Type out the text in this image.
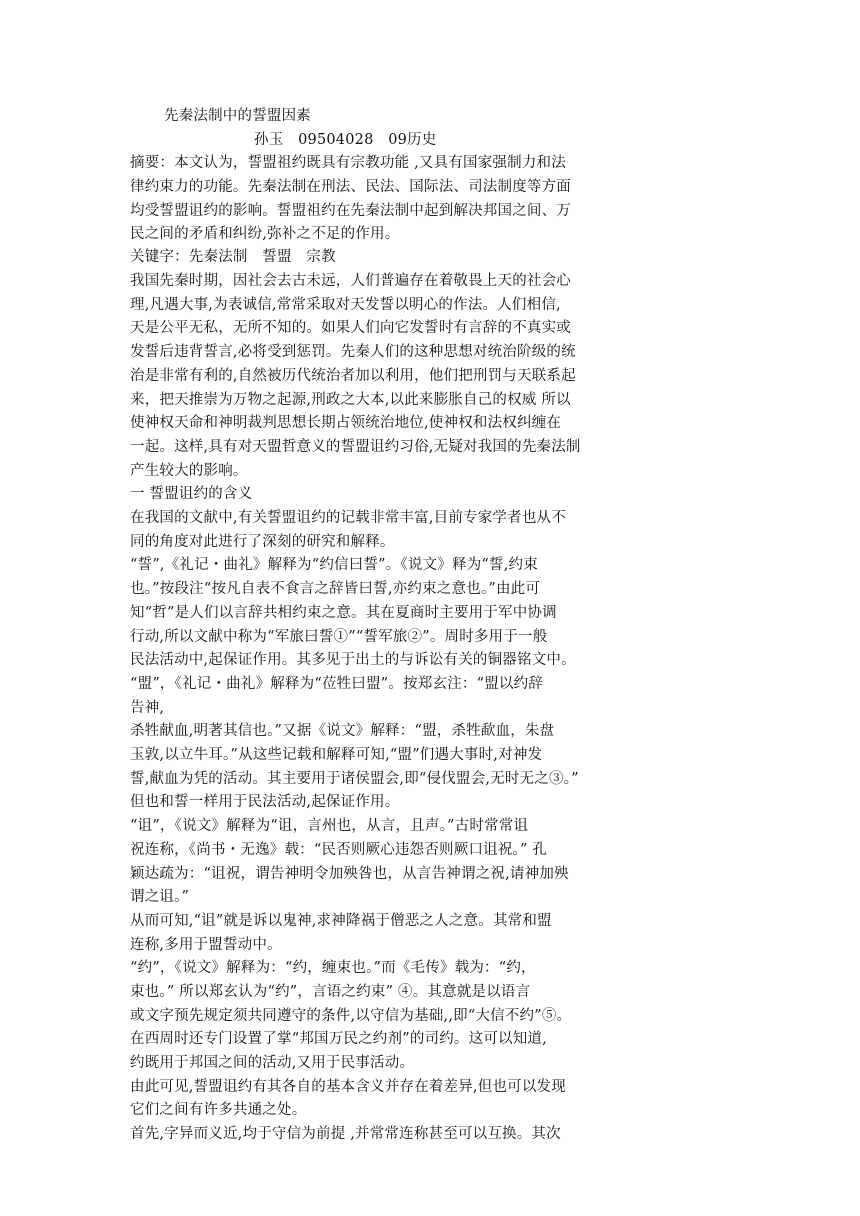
先秦法制中的誓盟因素
孙玉　09504028　09历史
摘要：本文认为，誓盟祖约既具有宗教功能 ,又具有国家强制力和法
律约束力的功能。先秦法制在刑法、民法、国际法、司法制度等方面
均受誓盟诅约的影响。誓盟祖约在先秦法制中起到解决邦国之间、万
民之间的矛盾和纠纷,弥补之不足的作用。
关键字：先秦法制　誓盟　宗教
我国先秦时期，因社会去古未远，人们普遍存在着敬畏上天的社会心
理,凡遇大事,为表诚信,常常采取对天发誓以明心的作法。人们相信,
天是公平无私，无所不知的。如果人们向它发誓时有言辞的不真实或
发誓后违背誓言,必将受到惩罚。先秦人们的这种思想对统治阶级的统
治是非常有利的,自然被历代统治者加以利用，他们把刑罚与天联系起
来，把天推崇为万物之起源,刑政之大本,以此来膨胀自己的权威 所以
使神权天命和神明裁判思想长期占领统治地位,使神权和法权纠缠在
一起。这样,具有对天盟哲意义的誓盟诅约习俗,无疑对我国的先秦法制
产生较大的影响。
一 誓盟诅约的含义
在我国的文献中,有关誓盟诅约的记载非常丰富,目前专家学者也从不
同的角度对此进行了深刻的研究和解释。
“誓”,《礼记・曲礼》解释为“约信曰誓”。《说文》释为“誓,约束
也。”按段注“按凡自表不食言之辞皆曰誓,亦约束之意也。”由此可
知“哲”是人们以言辞共相约束之意。其在夏商时主要用于军中协调
行动,所以文献中称为“军旅曰誓①”“誓军旅②”。周时多用于一般
民法活动中,起保证作用。其多见于出土的与诉讼有关的铜器铭文中。
“盟”，《礼记・曲礼》解释为“莅牲曰盟”。按郑玄注：“盟以约辞
告神,
杀牲献血,明著其信也。”又据《说文》解释：“盟，杀牲歃血，朱盘
玉敦,以立牛耳。”从这些记载和解释可知,“盟”们遇大事时,对神发
誓,献血为凭的活动。其主要用于诸侯盟会,即“侵伐盟会,无时无之③。”
但也和誓一样用于民法活动,起保证作用。
“诅”，《说文》解释为“诅，言州也，从言，且声。”古时常常诅
祝连称，《尚书・无逸》载：“民否则厥心违怨否则厥口诅祝。” 孔
颖达疏为：“诅祝，谓告神明令加殃咎也，从言告神谓之祝,请神加殃
谓之诅。”
从而可知,“诅”就是诉以鬼神,求神降祸于僧恶之人之意。其常和盟
连称,多用于盟誓动中。
“约”，《说文》解释为：“约，缠束也。”而《毛传》载为：“约，
束也。” 所以郑玄认为“约”，言语之约束” ④。其意就是以语言
或文字预先规定须共同遵守的条件,以守信为基础,,即“大信不约”⑤。
在西周时还专门设置了掌“邦国万民之约剂”的司约。这可以知道,
约既用于邦国之间的活动,又用于民事活动。
由此可见,誓盟诅约有其各自的基本含义并存在着差异,但也可以发现
它们之间有许多共通之处。
首先,字异而义近,均于守信为前提 ,并常常连称甚至可以互换。其次
